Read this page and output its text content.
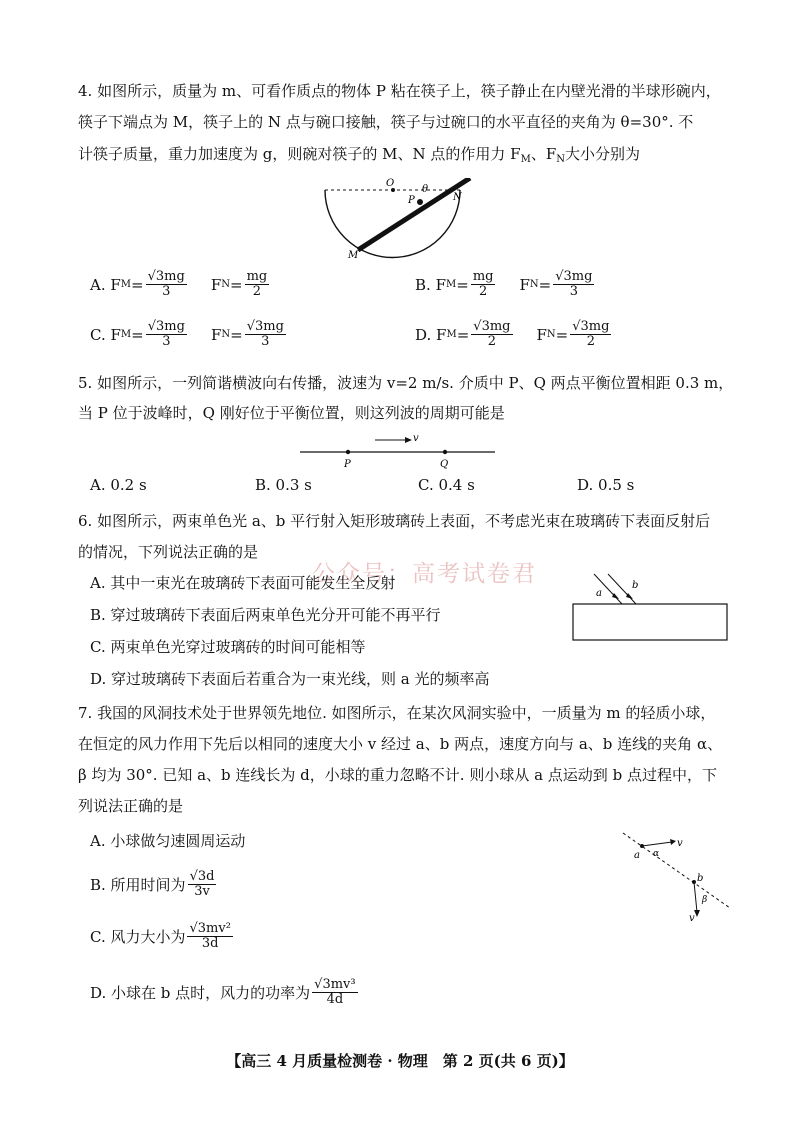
公众号：高考试卷君
4. 如图所示，质量为 m、可看作质点的物体 P 粘在筷子上，筷子静止在内壁光滑的半球形碗内，
筷子下端点为 M，筷子上的 N 点与碗口接触，筷子与过碗口的水平直径的夹角为 θ=30°. 不
计筷子质量，重力加速度为 g，则碗对筷子的 M、N 点的作用力 $F_M$、$F_N$大小分别为
O
θ
P	N
M
A. F $M = \frac{√3mg}{3}$ F $N = \frac{mg}{2}$	B. F $M = \frac{mg}{2}$ F $N = \frac{√3mg}{3}$
C. F $M = \frac{√3mg}{3}$ F $N = \frac{√3mg}{3}$	D. F $M = \frac{√3mg}{2}$ F $N = \frac{√3mg}{2}$
5. 如图所示，一列简谐横波向右传播，波速为 v=2 m/s. 介质中 P、Q 两点平衡位置相距 0.3 m，
当 P 位于波峰时，Q 刚好位于平衡位置，则这列波的周期可能是
v
P	Q
A. 0.2 s	B. 0.3 s	C. 0.4 s	D. 0.5 s
6. 如图所示，两束单色光 a、b 平行射入矩形玻璃砖上表面，不考虑光束在玻璃砖下表面反射后
的情况，下列说法正确的是
a
b
A. 其中一束光在玻璃砖下表面可能发生全反射
B. 穿过玻璃砖下表面后两束单色光分开可能不再平行
C. 两束单色光穿过玻璃砖的时间可能相等
D. 穿过玻璃砖下表面后若重合为一束光线，则 a 光的频率高
7. 我国的风洞技术处于世界领先地位. 如图所示，在某次风洞实验中，一质量为 m 的轻质小球，
在恒定的风力作用下先后以相同的速度大小 v 经过 a、b 两点，速度方向与 a、b 连线的夹角 α、
β 均为 30°. 已知 a、b 连线长为 d，小球的重力忽略不计. 则小球从 a 点运动到 b 点过程中，下
列说法正确的是
a α
v
b
β
v
A. 小球做匀速圆周运动
B. 所用时间为 $\frac{√3d}{3v}$
C. 风力大小为 $\frac{\text{√3mv²}}{3d}$
D. 小球在 b 点时，风力的功率为 $\frac{\text{√3mv³}}{4d}$
【高三 4 月质量检测卷 · 物理　第 2 页(共 6 页)】
